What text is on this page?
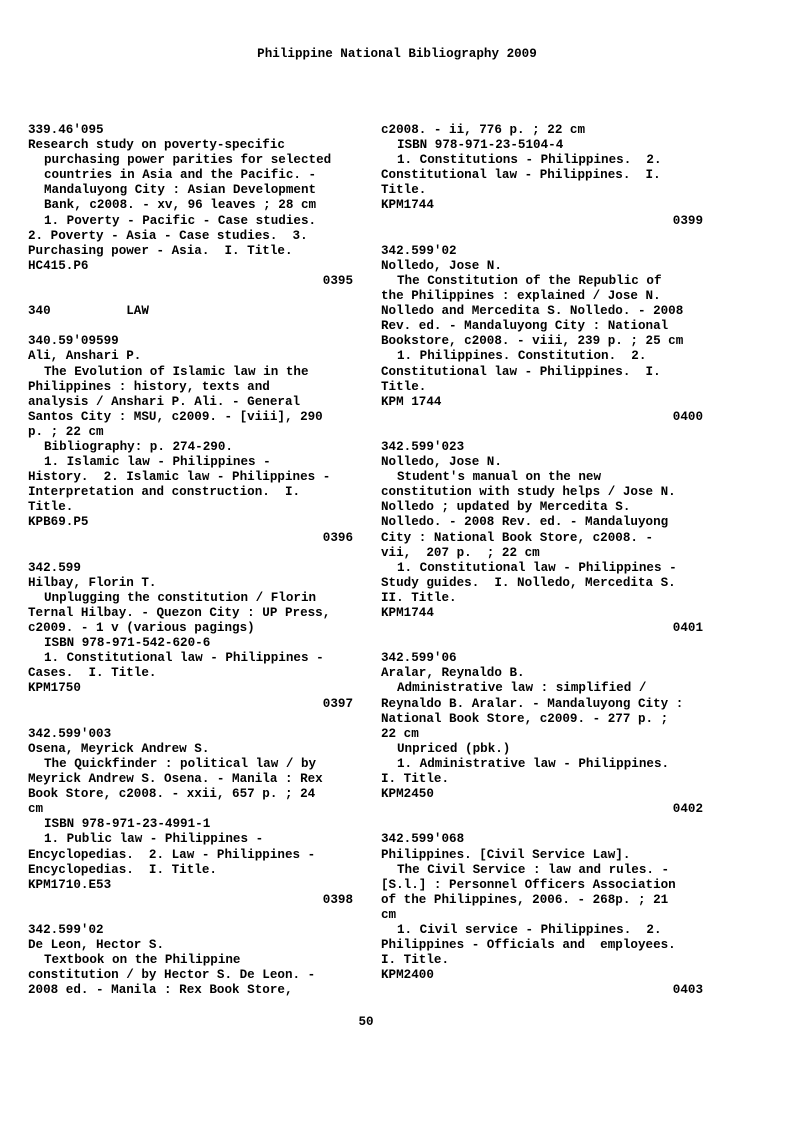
Philippine National Bibliography 2009
339.46'095
Research study on poverty-specific
purchasing power parities for selected
countries in Asia and the Pacific. -
Mandaluyong City : Asian Development
Bank, c2008. - xv, 96 leaves ; 28 cm
1. Poverty - Pacific - Case studies.
2. Poverty - Asia - Case studies.  3.
Purchasing power - Asia.  I. Title.
HC415.P6
0395
340          LAW
340.59'09599
Ali, Anshari P.
The Evolution of Islamic law in the
Philippines : history, texts and
analysis / Anshari P. Ali. - General
Santos City : MSU, c2009. - [viii], 290
p. ; 22 cm
Bibliography: p. 274-290.
1. Islamic law - Philippines -
History.  2. Islamic law - Philippines -
Interpretation and construction.  I.
Title.
KPB69.P5
0396
342.599
Hilbay, Florin T.
Unplugging the constitution / Florin
Ternal Hilbay. - Quezon City : UP Press,
c2009. - 1 v (various pagings)
ISBN 978-971-542-620-6
1. Constitutional law - Philippines -
Cases.  I. Title.
KPM1750
0397
342.599'003
Osena, Meyrick Andrew S.
The Quickfinder : political law / by
Meyrick Andrew S. Osena. - Manila : Rex
Book Store, c2008. - xxii, 657 p. ; 24
cm
ISBN 978-971-23-4991-1
1. Public law - Philippines -
Encyclopedias.  2. Law - Philippines -
Encyclopedias.  I. Title.
KPM1710.E53
0398
342.599'02
De Leon, Hector S.
Textbook on the Philippine
constitution / by Hector S. De Leon. -
2008 ed. - Manila : Rex Book Store,
c2008. - ii, 776 p. ; 22 cm
ISBN 978-971-23-5104-4
1. Constitutions - Philippines.  2.
Constitutional law - Philippines.  I.
Title.
KPM1744
0399
342.599'02
Nolledo, Jose N.
The Constitution of the Republic of
the Philippines : explained / Jose N.
Nolledo and Mercedita S. Nolledo. - 2008
Rev. ed. - Mandaluyong City : National
Bookstore, c2008. - viii, 239 p. ; 25 cm
1. Philippines. Constitution.  2.
Constitutional law - Philippines.  I.
Title.
KPM 1744
0400
342.599'023
Nolledo, Jose N.
Student's manual on the new
constitution with study helps / Jose N.
Nolledo ; updated by Mercedita S.
Nolledo. - 2008 Rev. ed. - Mandaluyong
City : National Book Store, c2008. -
vii,  207 p.  ; 22 cm
1. Constitutional law - Philippines -
Study guides.  I. Nolledo, Mercedita S.
II. Title.
KPM1744
0401
342.599'06
Aralar, Reynaldo B.
Administrative law : simplified /
Reynaldo B. Aralar. - Mandaluyong City :
National Book Store, c2009. - 277 p. ;
22 cm
Unpriced (pbk.)
1. Administrative law - Philippines.
I. Title.
KPM2450
0402
342.599'068
Philippines. [Civil Service Law].
The Civil Service : law and rules. -
[S.l.] : Personnel Officers Association
of the Philippines, 2006. - 268p. ; 21
cm
1. Civil service - Philippines.  2.
Philippines - Officials and  employees.
I. Title.
KPM2400
0403
50
